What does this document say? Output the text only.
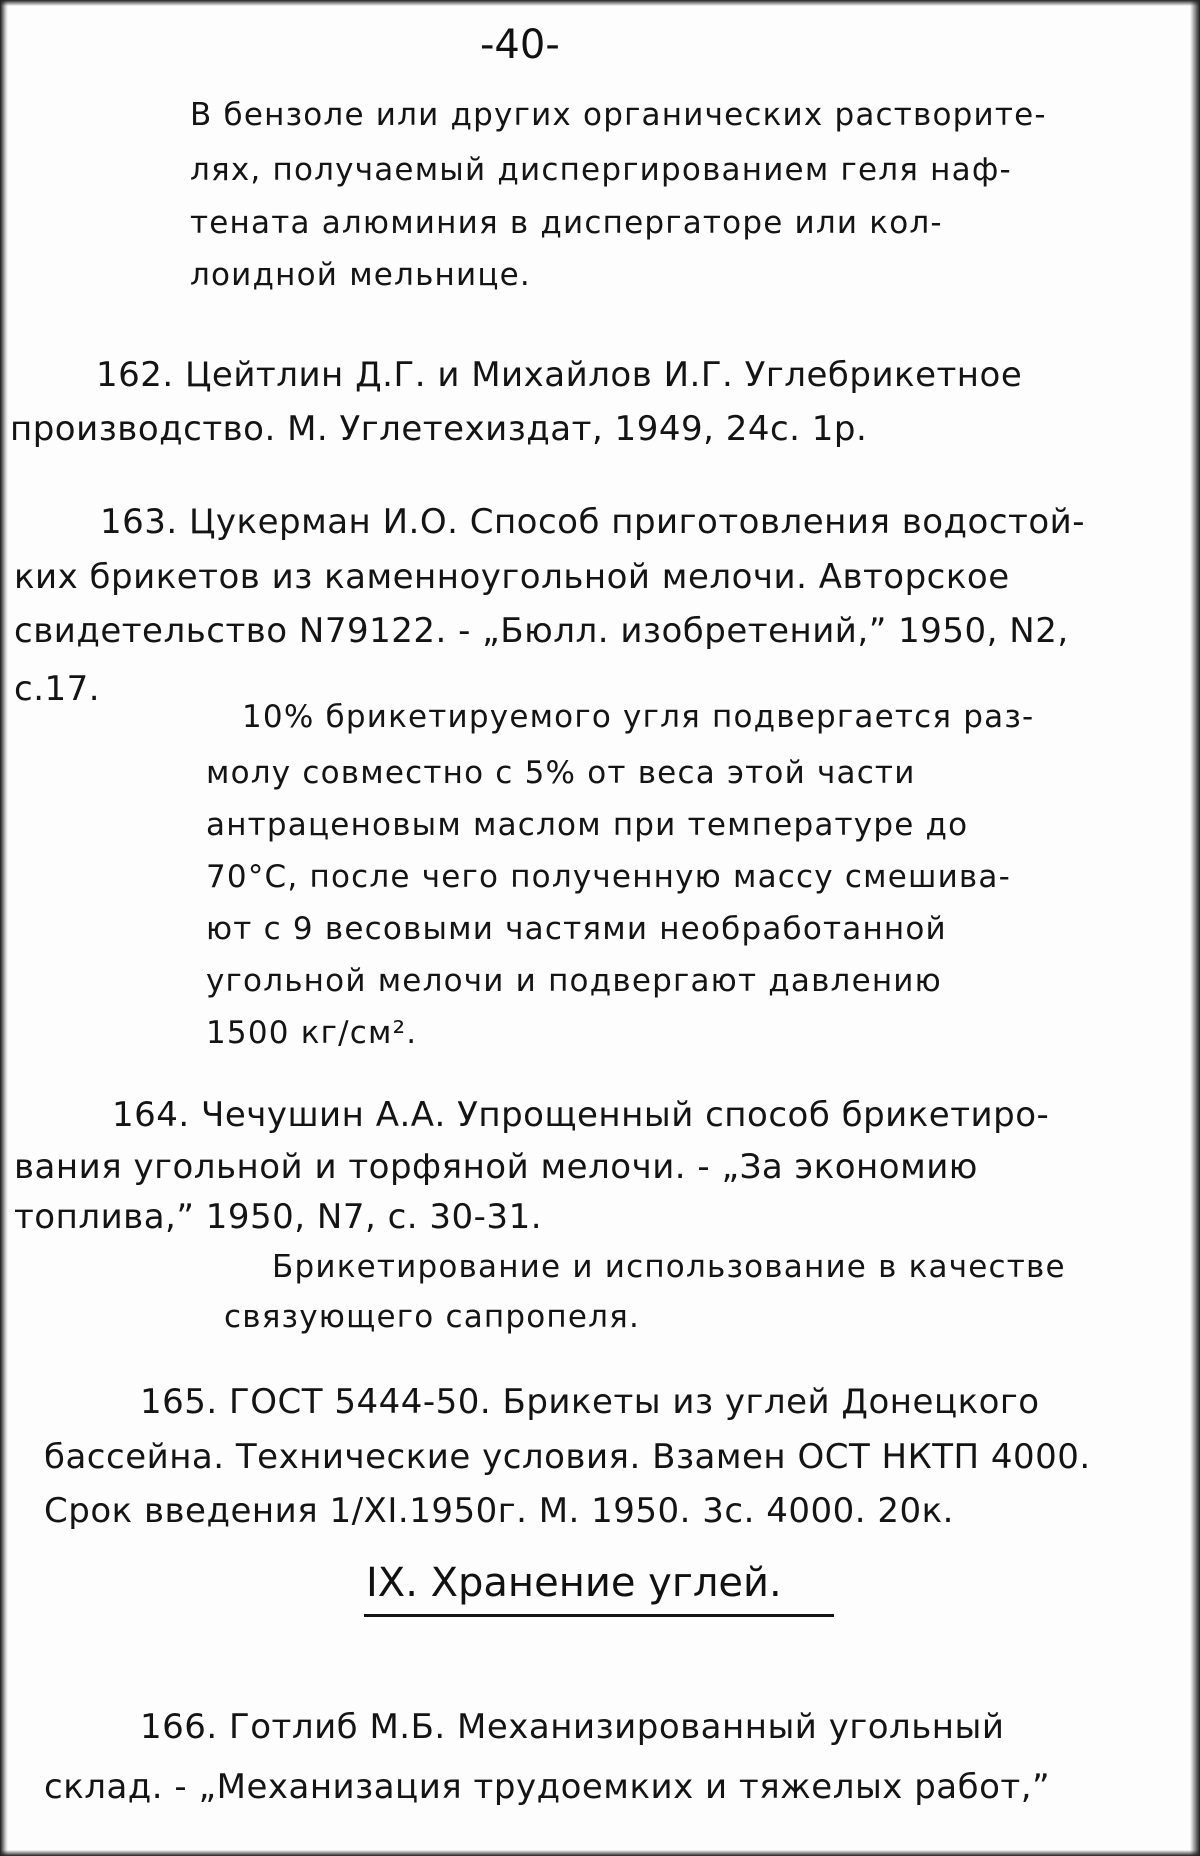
-40-
В бензоле или других органических растворите-
лях, получаемый диспергированием геля наф-
тената алюминия в диспергаторе или кол-
лоидной мельнице.
162. Цейтлин Д.Г. и Михайлов И.Г. Углебрикетное
производство. М. Углетехиздат, 1949, 24с. 1р.
163. Цукерман И.О. Способ приготовления водостой-
ких брикетов из каменноугольной мелочи. Авторское
свидетельство N79122. - „Бюлл. изобретений,” 1950, N2,
с.17.
10% брикетируемого угля подвергается раз-
молу совместно с 5% от веса этой части
антраценовым маслом при температуре до
70°С, после чего полученную массу смешива-
ют с 9 весовыми частями необработанной
угольной мелочи и подвергают давлению
1500 кг/см².
164. Чечушин А.А. Упрощенный способ брикетиро-
вания угольной и торфяной мелочи. - „За экономию
топлива,” 1950, N7, с. 30-31.
Брикетирование и использование в качестве
связующего сапропеля.
165. ГОСТ 5444-50. Брикеты из углей Донецкого
бассейна. Технические условия. Взамен ОСТ НКТП 4000.
Срок введения 1/XI.1950г. М. 1950. 3с. 4000. 20к.
IX. Хранение углей.
166. Готлиб М.Б. Механизированный угольный
склад. - „Механизация трудоемких и тяжелых работ,”
